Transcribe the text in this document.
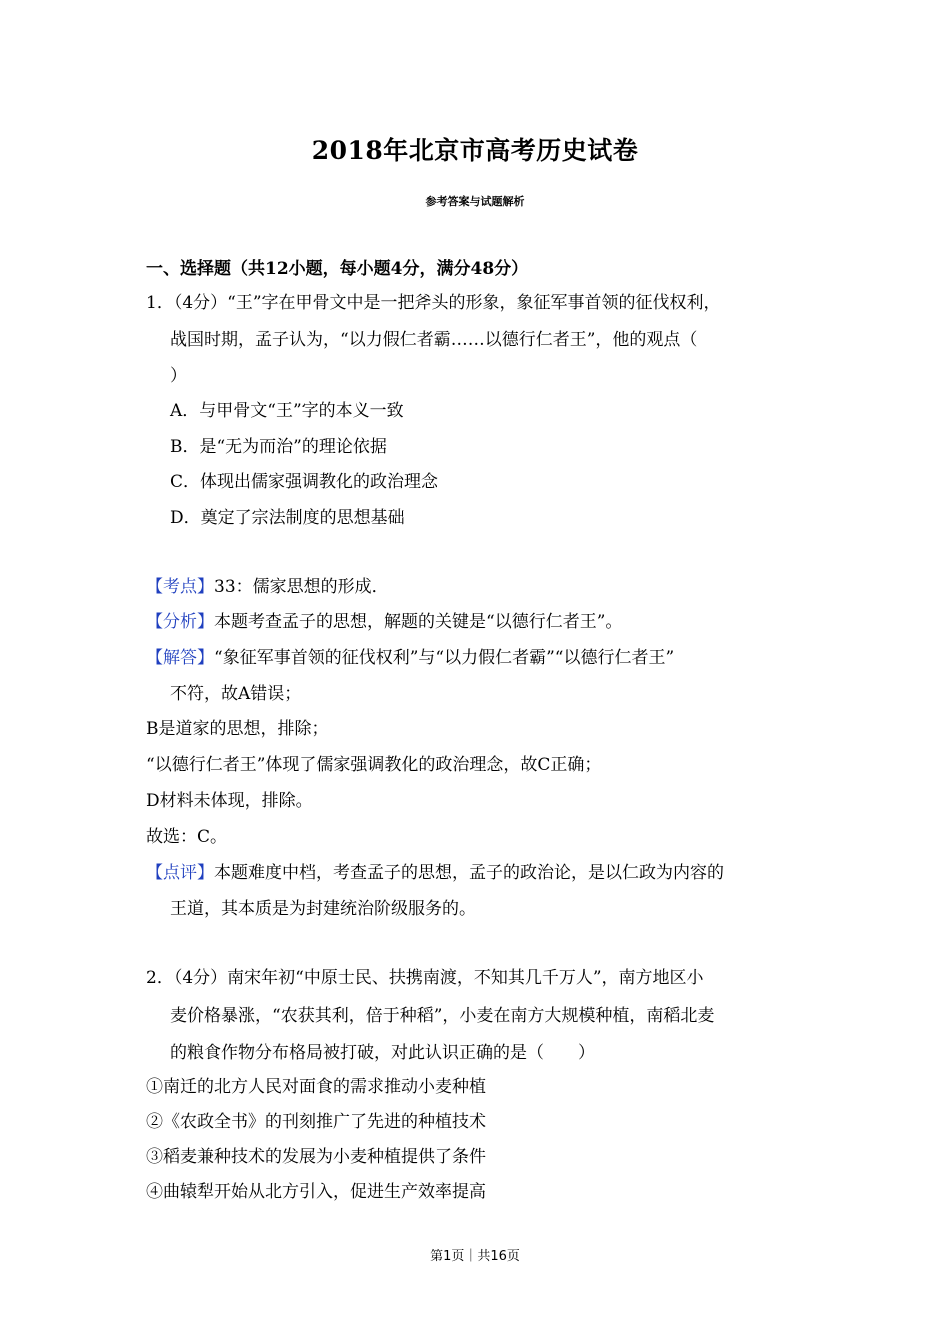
2018年北京市高考历史试卷
参考答案与试题解析
一、选择题（共12小题，每小题4分，满分48分）
1．（4分）“王”字在甲骨文中是一把斧头的形象，象征军事首领的征伐权利，
战国时期，孟子认为，“以力假仁者霸……以德行仁者王”，他的观点（
）
A．与甲骨文“王”字的本义一致
B．是“无为而治”的理论依据
C．体现出儒家强调教化的政治理念
D．奠定了宗法制度的思想基础
【考点】33：儒家思想的形成．
【分析】本题考查孟子的思想，解题的关键是“以德行仁者王”。
【解答】“象征军事首领的征伐权利”与“以力假仁者霸”“以德行仁者王”
不符，故A错误；
B是道家的思想，排除；
“以德行仁者王”体现了儒家强调教化的政治理念，故C正确；
D材料未体现，排除。
故选：C。
【点评】本题难度中档，考查孟子的思想，孟子的政治论，是以仁政为内容的
王道，其本质是为封建统治阶级服务的。
2．（4分）南宋年初“中原士民、扶携南渡，不知其几千万人”，南方地区小
麦价格暴涨，“农获其利，倍于种稻”，小麦在南方大规模种植，南稻北麦
的粮食作物分布格局被打破，对此认识正确的是（　　）
①南迁的北方人民对面食的需求推动小麦种植
②《农政全书》的刊刻推广了先进的种植技术
③稻麦兼种技术的发展为小麦种植提供了条件
④曲辕犁开始从北方引入，促进生产效率提高
第1页｜共16页
